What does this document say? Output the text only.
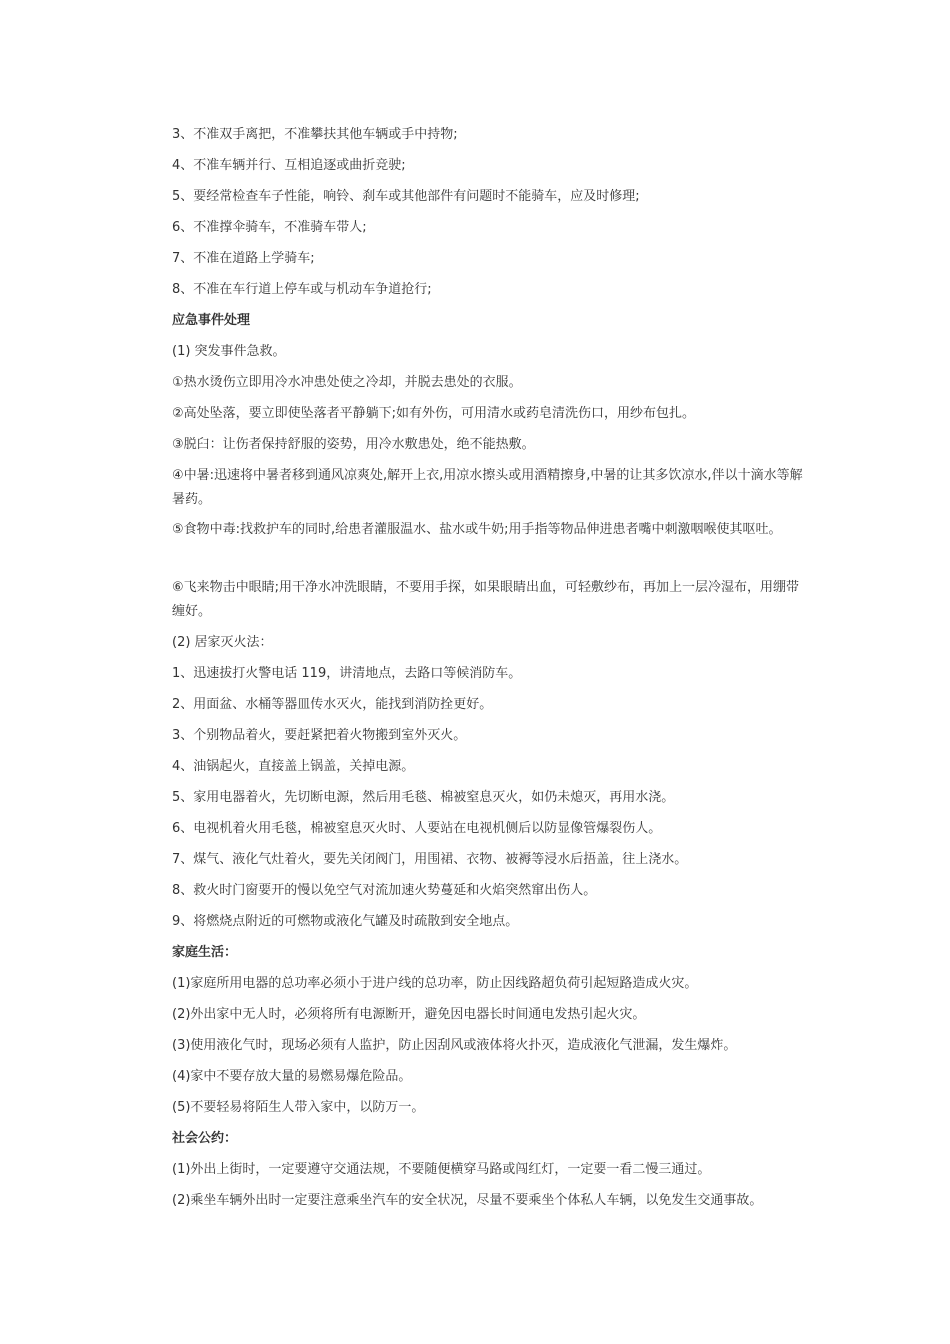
3、不准双手离把，不准攀扶其他车辆或手中持物;
4、不准车辆并行、互相追逐或曲折竞驶;
5、要经常检查车子性能，响铃、刹车或其他部件有问题时不能骑车，应及时修理;
6、不准撑伞骑车，不准骑车带人;
7、不准在道路上学骑车;
8、不准在车行道上停车或与机动车争道抢行;
应急事件处理
(1) 突发事件急救。
①热水烫伤立即用冷水冲患处使之冷却，并脱去患处的衣服。
②高处坠落，要立即使坠落者平静躺下;如有外伤，可用清水或药皂清洗伤口，用纱布包扎。
③脱臼：让伤者保持舒服的姿势，用冷水敷患处，绝不能热敷。
④中暑:迅速将中暑者移到通风凉爽处,解开上衣,用凉水擦头或用酒精擦身,中暑的让其多饮凉水,伴以十滴水等解暑药。
⑤食物中毒:找救护车的同时,给患者灌服温水、盐水或牛奶;用手指等物品伸进患者嘴中刺激咽喉使其呕吐。
⑥飞来物击中眼睛;用干净水冲洗眼睛，不要用手探，如果眼睛出血，可轻敷纱布，再加上一层冷湿布，用绷带缠好。
(2) 居家灭火法：
1、迅速拔打火警电话 119，讲清地点，去路口等候消防车。
2、用面盆、水桶等器皿传水灭火，能找到消防拴更好。
3、个别物品着火，要赶紧把着火物搬到室外灭火。
4、油锅起火，直接盖上锅盖，关掉电源。
5、家用电器着火，先切断电源，然后用毛毯、棉被窒息灭火，如仍未熄灭，再用水浇。
6、电视机着火用毛毯，棉被窒息灭火时、人要站在电视机侧后以防显像管爆裂伤人。
7、煤气、液化气灶着火，要先关闭阀门，用围裙、衣物、被褥等浸水后捂盖，往上浇水。
8、救火时门窗要开的慢以免空气对流加速火势蔓延和火焰突然窜出伤人。
9、将燃烧点附近的可燃物或液化气罐及时疏散到安全地点。
家庭生活：
(1)家庭所用电器的总功率必须小于进户线的总功率，防止因线路超负荷引起短路造成火灾。
(2)外出家中无人时，必须将所有电源断开，避免因电器长时间通电发热引起火灾。
(3)使用液化气时，现场必须有人监护，防止因刮风或液体将火扑灭，造成液化气泄漏，发生爆炸。
(4)家中不要存放大量的易燃易爆危险品。
(5)不要轻易将陌生人带入家中，以防万一。
社会公约：
(1)外出上街时，一定要遵守交通法规，不要随便横穿马路或闯红灯，一定要一看二慢三通过。
(2)乘坐车辆外出时一定要注意乘坐汽车的安全状况，尽量不要乘坐个体私人车辆，以免发生交通事故。
